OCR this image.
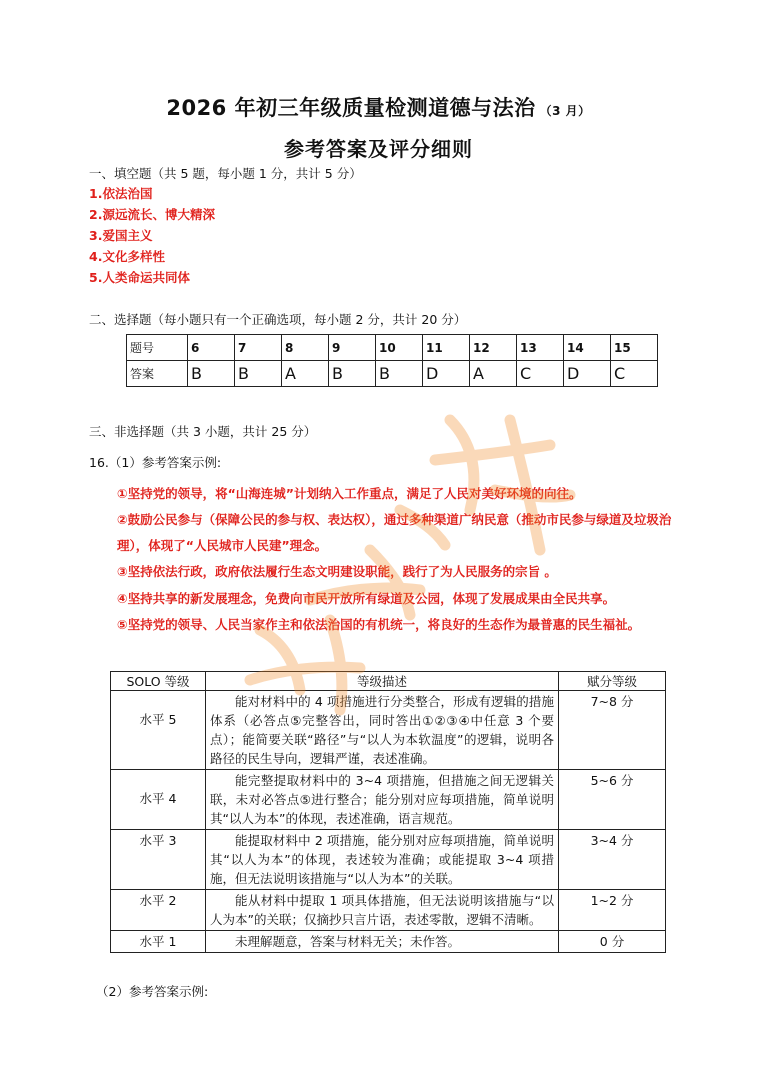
2026 年初三年级质量检测道德与法治 （3 月）
参考答案及评分细则
一、填空题（共 5 题，每小题 1 分，共计 5 分）
1.依法治国
2.源远流长、博大精深
3.爱国主义
4.文化多样性
5.人类命运共同体
二、选择题（每小题只有一个正确选项，每小题 2 分，共计 20 分）
题号	6	7	8	9	10	11	12	13	14	15
答案	B	B	A	B	B	D	A	C	D	C
三、非选择题（共 3 小题，共计 25 分）
16.（1）参考答案示例:
①坚持党的领导，将“山海连城”计划纳入工作重点，满足了人民对美好环境的向往。
②鼓励公民参与（保障公民的参与权、表达权），通过多种渠道广纳民意（推动市民参与绿道及垃圾治理），体现了“人民城市人民建”理念。
③坚持依法行政，政府依法履行生态文明建设职能，践行了为人民服务的宗旨 。
④坚持共享的新发展理念，免费向市民开放所有绿道及公园，体现了发展成果由全民共享。
⑤坚持党的领导、人民当家作主和依法治国的有机统一，将良好的生态作为最普惠的民生福祉。
SOLO 等级	等级描述	赋分等级
水平 5	能对材料中的 4 项措施进行分类整合，形成有逻辑的措施体系（必答点⑤完整答出，同时答出①②③④中任意 3 个要点）；能简要关联“路径”与“以人为本软温度”的逻辑，说明各路径的民生导向，逻辑严谨，表述准确。	7~8 分
水平 4	能完整提取材料中的 3~4 项措施，但措施之间无逻辑关联，未对必答点⑤进行整合；能分别对应每项措施，简单说明其“以人为本”的体现，表述准确，语言规范。	5~6 分
水平 3	能提取材料中 2 项措施，能分别对应每项措施，简单说明其“以人为本”的体现，表述较为准确；或能提取 3~4 项措施，但无法说明该措施与“以人为本”的关联。	3~4 分
水平 2	能从材料中提取 1 项具体措施，但无法说明该措施与“以人为本”的关联；仅摘抄只言片语，表述零散，逻辑不清晰。	1~2 分
水平 1	未理解题意，答案与材料无关；未作答。	0 分
（2）参考答案示例:
